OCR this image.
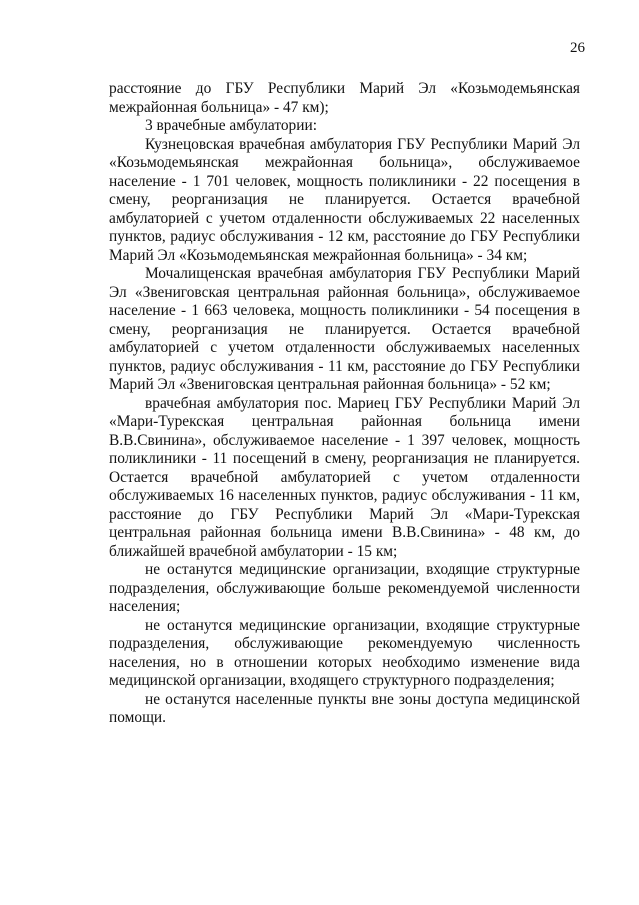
26

расстояние до ГБУ Республики Марий Эл «Козьмодемьянская межрайонная больница» - 47 км);

3 врачебные амбулатории:

Кузнецовская врачебная амбулатория ГБУ Республики Марий Эл «Козьмодемьянская межрайонная больница», обслуживаемое население - 1 701 человек, мощность поликлиники - 22 посещения в смену, реорганизация не планируется. Остается врачебной амбулаторией с учетом отдаленности обслуживаемых 22 населенных пунктов, радиус обслуживания - 12 км, расстояние до ГБУ Республики Марий Эл «Козьмодемьянская межрайонная больница» - 34 км;

Мочалищенская врачебная амбулатория ГБУ Республики Марий Эл «Звениговская центральная районная больница», обслуживаемое население - 1 663 человека, мощность поликлиники - 54 посещения в смену, реорганизация не планируется. Остается врачебной амбулаторией с учетом отдаленности обслуживаемых населенных пунктов, радиус обслуживания - 11 км, расстояние до ГБУ Республики Марий Эл «Звениговская центральная районная больница» - 52 км;

врачебная амбулатория пос. Мариец ГБУ Республики Марий Эл «Мари-Турекская центральная районная больница имени В.В.Свинина», обслуживаемое население - 1 397 человек, мощность поликлиники - 11 посещений в смену, реорганизация не планируется. Остается врачебной амбулаторией с учетом отдаленности обслуживаемых 16 населенных пунктов, радиус обслуживания - 11 км, расстояние до ГБУ Республики Марий Эл «Мари-Турекская центральная районная больница имени В.В.Свинина» - 48 км, до ближайшей врачебной амбулатории - 15 км;

не останутся медицинские организации, входящие структурные подразделения, обслуживающие больше рекомендуемой численности населения;

не останутся медицинские организации, входящие структурные подразделения, обслуживающие рекомендуемую численность населения, но в отношении которых необходимо изменение вида медицинской организации, входящего структурного подразделения;

не останутся населенные пункты вне зоны доступа медицинской помощи.
